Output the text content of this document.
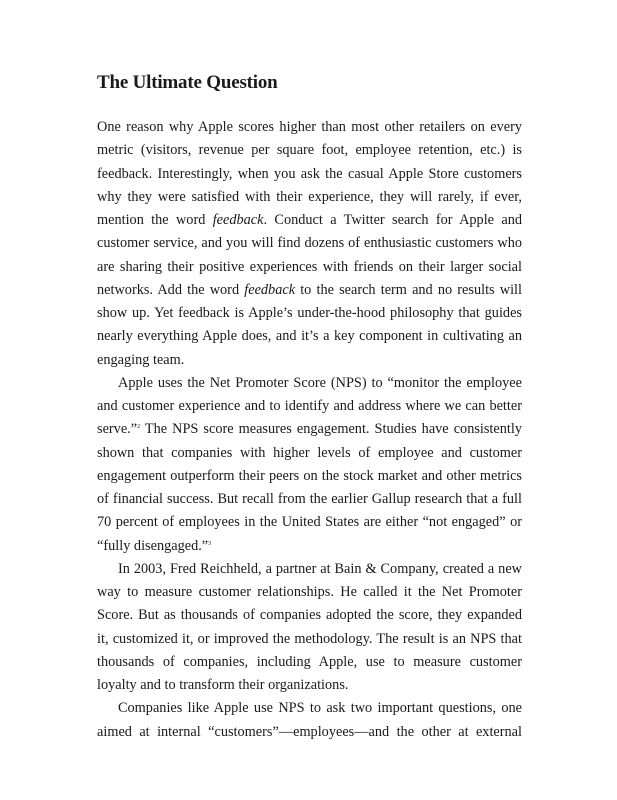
The Ultimate Question

One reason why Apple scores higher than most other retailers on every metric (visitors, revenue per square foot, employee retention, etc.) is feedback. Interestingly, when you ask the casual Apple Store customers why they were satisfied with their experience, they will rarely, if ever, mention the word feedback. Conduct a Twitter search for Apple and customer service, and you will find dozens of enthusiastic customers who are sharing their positive experiences with friends on their larger social networks. Add the word feedback to the search term and no results will show up. Yet feedback is Apple’s under-the-hood philosophy that guides nearly everything Apple does, and it’s a key component in cultivating an engaging team.

Apple uses the Net Promoter Score (NPS) to “monitor the employee and customer experience and to identify and address where we can better serve.”$^2$ The NPS score measures engagement. Studies have consistently shown that companies with higher levels of employee and customer engagement outperform their peers on the stock market and other metrics of financial success. But recall from the earlier Gallup research that a full 70 percent of employees in the United States are either “not engaged” or “fully disengaged.”$^3$

In 2003, Fred Reichheld, a partner at Bain & Company, created a new way to measure customer relationships. He called it the Net Promoter Score. But as thousands of companies adopted the score, they expanded it, customized it, or improved the methodology. The result is an NPS that thousands of companies, including Apple, use to measure customer loyalty and to transform their organizations.

Companies like Apple use NPS to ask two important questions, one aimed at internal “customers”—employees—and the other at external
